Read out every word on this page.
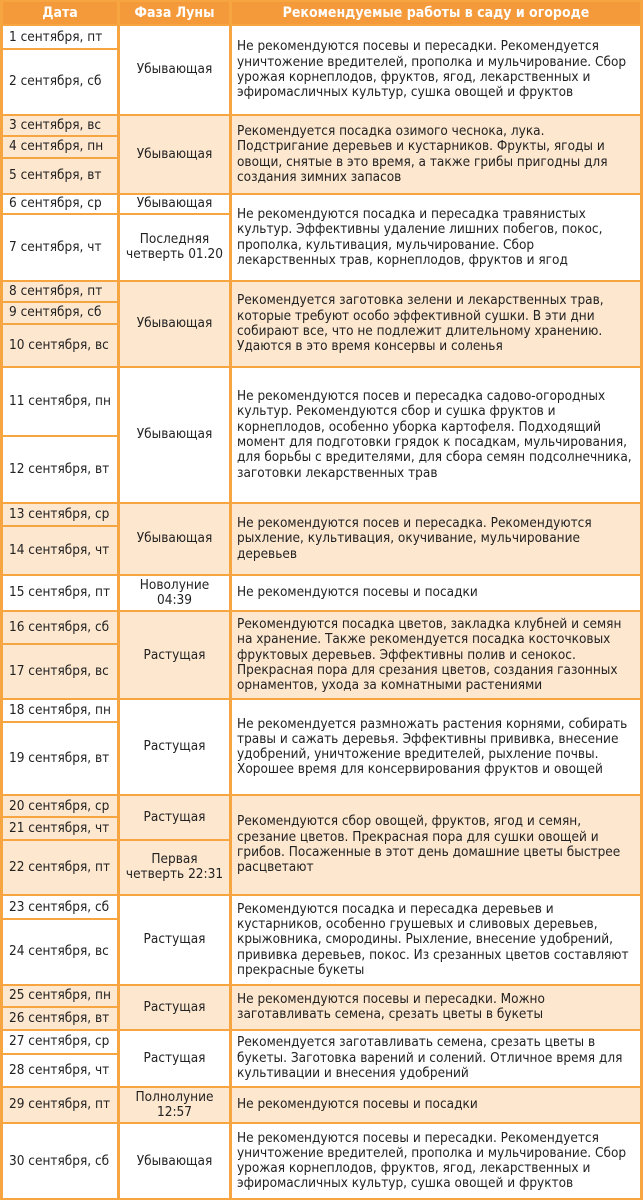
Дата	Фаза Луны	Рекомендуемые работы в саду и огороде
1 сентября, пт	Убывающая	Не рекомендуются посевы и пересадки. Рекомендуется уничтожение вредителей, прополка и мульчирование. Сбор урожая корнеплодов, фруктов, ягод, лекарственных и эфиромасличных культур, сушка овощей и фруктов
2 сентября, сб		
3 сентября, вс	Убывающая	Рекомендуется посадка озимого чеснока, лука. Подстригание деревьев и кустарников. Фрукты, ягоды и овощи, снятые в это время, а также грибы пригодны для создания зимних запасов
4 сентября, пн		
5 сентября, вт		
6 сентября, ср	Убывающая	Не рекомендуются посадка и пересадка травянистых культур. Эффективны удаление лишних побегов, покос, прополка, культивация, мульчирование. Сбор лекарственных трав, корнеплодов, фруктов и ягод
7 сентября, чт	Последняя четверть 01.20	
8 сентября, пт	Убывающая	Рекомендуется заготовка зелени и лекарственных трав, которые требуют особо эффективной сушки. В эти дни собирают все, что не подлежит длительному хранению. Удаются в это время консервы и соленья
9 сентября, сб		
10 сентября, вс		
11 сентября, пн	Убывающая	Не рекомендуются посев и пересадка садово-огородных культур. Рекомендуются сбор и сушка фруктов и корнеплодов, особенно уборка картофеля. Подходящий момент для подготовки грядок к посадкам, мульчирования, для борьбы с вредителями, для сбора семян подсолнечника, заготовки лекарственных трав
12 сентября, вт		
13 сентября, ср	Убывающая	Не рекомендуются посев и пересадка. Рекомендуются рыхление, культивация, окучивание, мульчирование деревьев
14 сентября, чт		
15 сентября, пт	Новолуние 04:39	Не рекомендуются посевы и посадки
16 сентября, сб	Растущая	Рекомендуются посадка цветов, закладка клубней и семян на хранение. Также рекомендуется посадка косточковых фруктовых деревьев. Эффективны полив и сенокос. Прекрасная пора для срезания цветов, создания газонных орнаментов, ухода за комнатными растениями
17 сентября, вс		
18 сентября, пн	Растущая	Не рекомендуется размножать растения корнями, собирать травы и сажать деревья. Эффективны прививка, внесение удобрений, уничтожение вредителей, рыхление почвы. Хорошее время для консервирования фруктов и овощей
19 сентября, вт		
20 сентября, ср	Растущая	Рекомендуются сбор овощей, фруктов, ягод и семян, срезание цветов. Прекрасная пора для сушки овощей и грибов. Посаженные в этот день домашние цветы быстрее расцветают
21 сентября, чт		
22 сентября, пт	Первая четверть 22:31	
23 сентября, сб	Растущая	Рекомендуются посадка и пересадка деревьев и кустарников, особенно грушевых и сливовых деревьев, крыжовника, смородины. Рыхление, внесение удобрений, прививка деревьев, покос. Из срезанных цветов составляют прекрасные букеты
24 сентября, вс		
25 сентября, пн	Растущая	Не рекомендуются посевы и пересадки. Можно заготавливать семена, срезать цветы в букеты
26 сентября, вт		
27 сентября, ср	Растущая	Рекомендуется заготавливать семена, срезать цветы в букеты. Заготовка варений и солений. Отличное время для культивации и внесения удобрений
28 сентября, чт		
29 сентября, пт	Полнолуние 12:57	Не рекомендуются посевы и посадки
30 сентября, сб	Убывающая	Не рекомендуются посевы и пересадки. Рекомендуется уничтожение вредителей, прополка и мульчирование. Сбор урожая корнеплодов, фруктов, ягод, лекарственных и эфиромасличных культур, сушка овощей и фруктов
